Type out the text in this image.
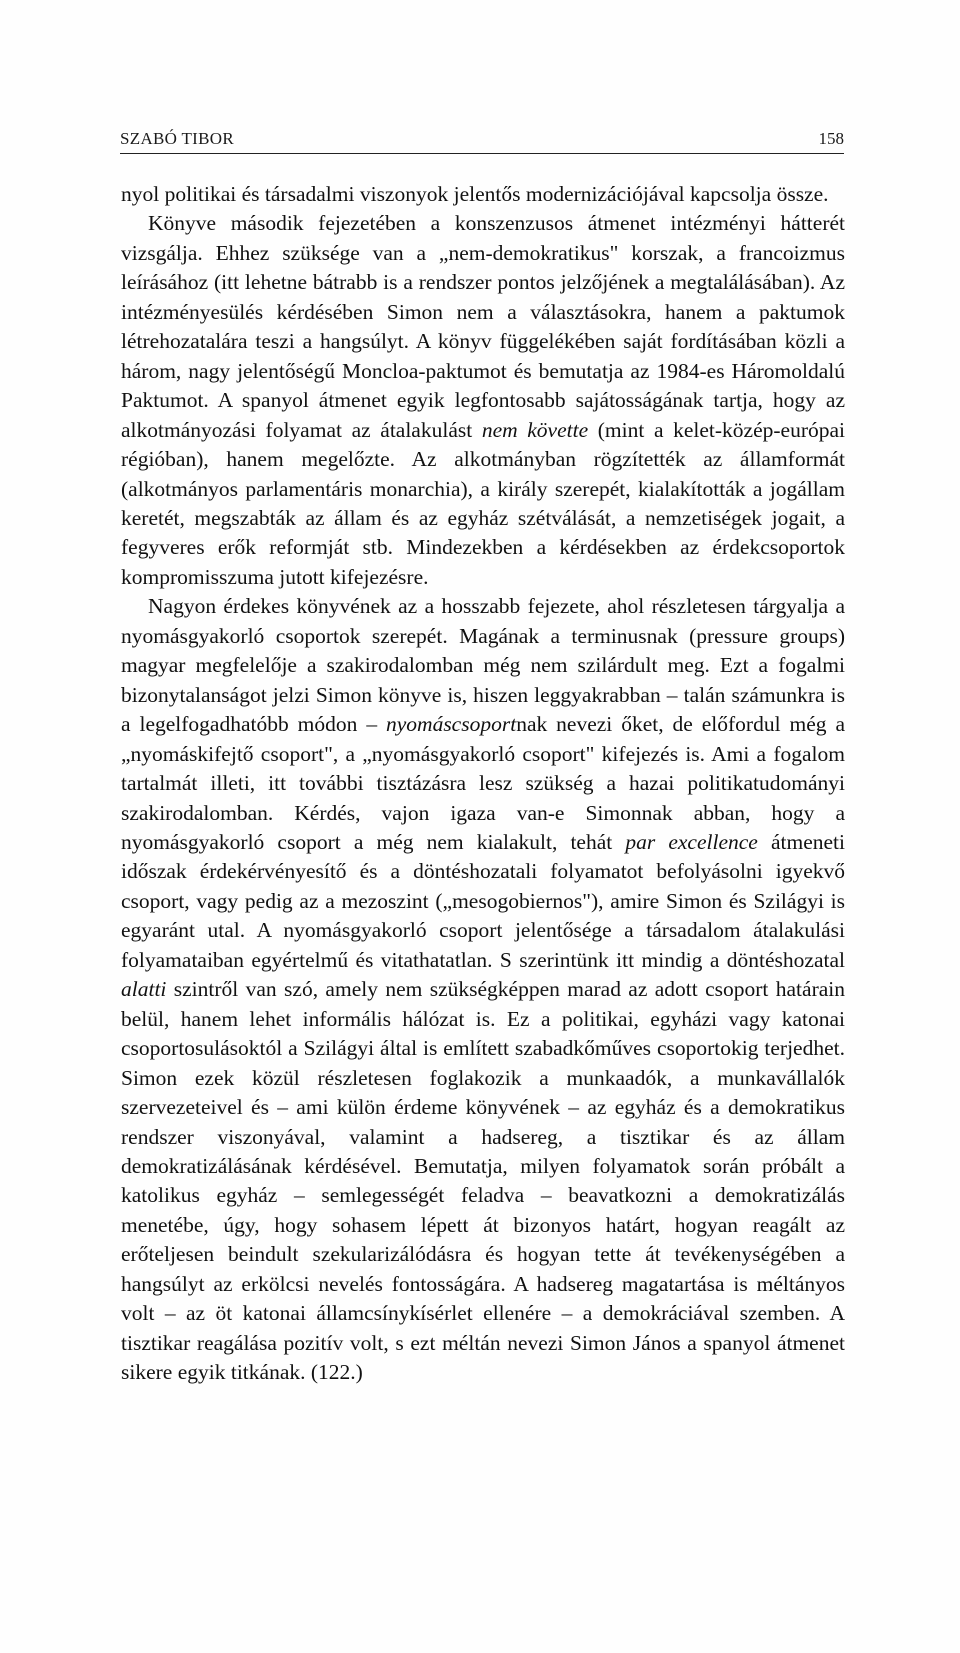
SZABÓ TIBOR	158

nyol politikai és társadalmi viszonyok jelentős modernizációjával kapcsolja össze.

Könyve második fejezetében a konszenzusos átmenet intézményi hátterét vizsgálja. Ehhez szüksége van a „nem-demokratikus" korszak, a francoizmus leírásához (itt lehetne bátrabb is a rendszer pontos jelzőjének a megtalálásában). Az intézményesülés kérdésében Simon nem a választásokra, hanem a paktumok létrehozatalára teszi a hangsúlyt. A könyv függelékében saját fordításában közli a három, nagy jelentőségű Moncloa-paktumot és bemutatja az 1984-es Háromoldalú Paktumot. A spanyol átmenet egyik legfontosabb sajátosságának tartja, hogy az alkotmányozási folyamat az átalakulást nem követte (mint a kelet-közép-európai régióban), hanem megelőzte. Az alkotmányban rögzítették az államformát (alkotmányos parlamentáris monarchia), a király szerepét, kialakították a jogállam keretét, megszabták az állam és az egyház szétválását, a nemzetiségek jogait, a fegyveres erők reformját stb. Mindezekben a kérdésekben az érdekcsoportok kompromisszuma jutott kifejezésre.

Nagyon érdekes könyvének az a hosszabb fejezete, ahol részletesen tárgyalja a nyomásgyakorló csoportok szerepét. Magának a terminusnak (pressure groups) magyar megfelelője a szakirodalomban még nem szilárdult meg. Ezt a fogalmi bizonytalanságot jelzi Simon könyve is, hiszen leggyakrabban – talán számunkra is a legelfogadhatóbb módon – nyomáscsoportnak nevezi őket, de előfordul még a „nyomáskifejtő csoport", a „nyomásgyakorló csoport" kifejezés is. Ami a fogalom tartalmát illeti, itt további tisztázásra lesz szükség a hazai politikatudományi szakirodalomban. Kérdés, vajon igaza van-e Simonnak abban, hogy a nyomásgyakorló csoport a még nem kialakult, tehát par excellence átmeneti időszak érdekérvényesítő és a döntéshozatali folyamatot befolyásolni igyekvő csoport, vagy pedig az a mezoszint („mesogobiernos"), amire Simon és Szilágyi is egyaránt utal. A nyomásgyakorló csoport jelentősége a társadalom átalakulási folyamataiban egyértelmű és vitathatatlan. S szerintünk itt mindig a döntéshozatal alatti szintről van szó, amely nem szükségképpen marad az adott csoport határain belül, hanem lehet informális hálózat is. Ez a politikai, egyházi vagy katonai csoportosulásoktól a Szilágyi által is említett szabadkőműves csoportokig terjedhet. Simon ezek közül részletesen foglakozik a munkaadók, a munkavállalók szervezeteivel és – ami külön érdeme könyvének – az egyház és a demokratikus rendszer viszonyával, valamint a hadsereg, a tisztikar és az állam demokratizálásának kérdésével. Bemutatja, milyen folyamatok során próbált a katolikus egyház – semlegességét feladva – beavatkozni a demokratizálás menetébe, úgy, hogy sohasem lépett át bizonyos határt, hogyan reagált az erőteljesen beindult szekularizálódásra és hogyan tette át tevékenységében a hangsúlyt az erkölcsi nevelés fontosságára. A hadsereg magatartása is méltányos volt – az öt katonai államcsínykísérlet ellenére – a demokráciával szemben. A tisztikar reagálása pozitív volt, s ezt méltán nevezi Simon János a spanyol átmenet sikere egyik titkának. (122.)
